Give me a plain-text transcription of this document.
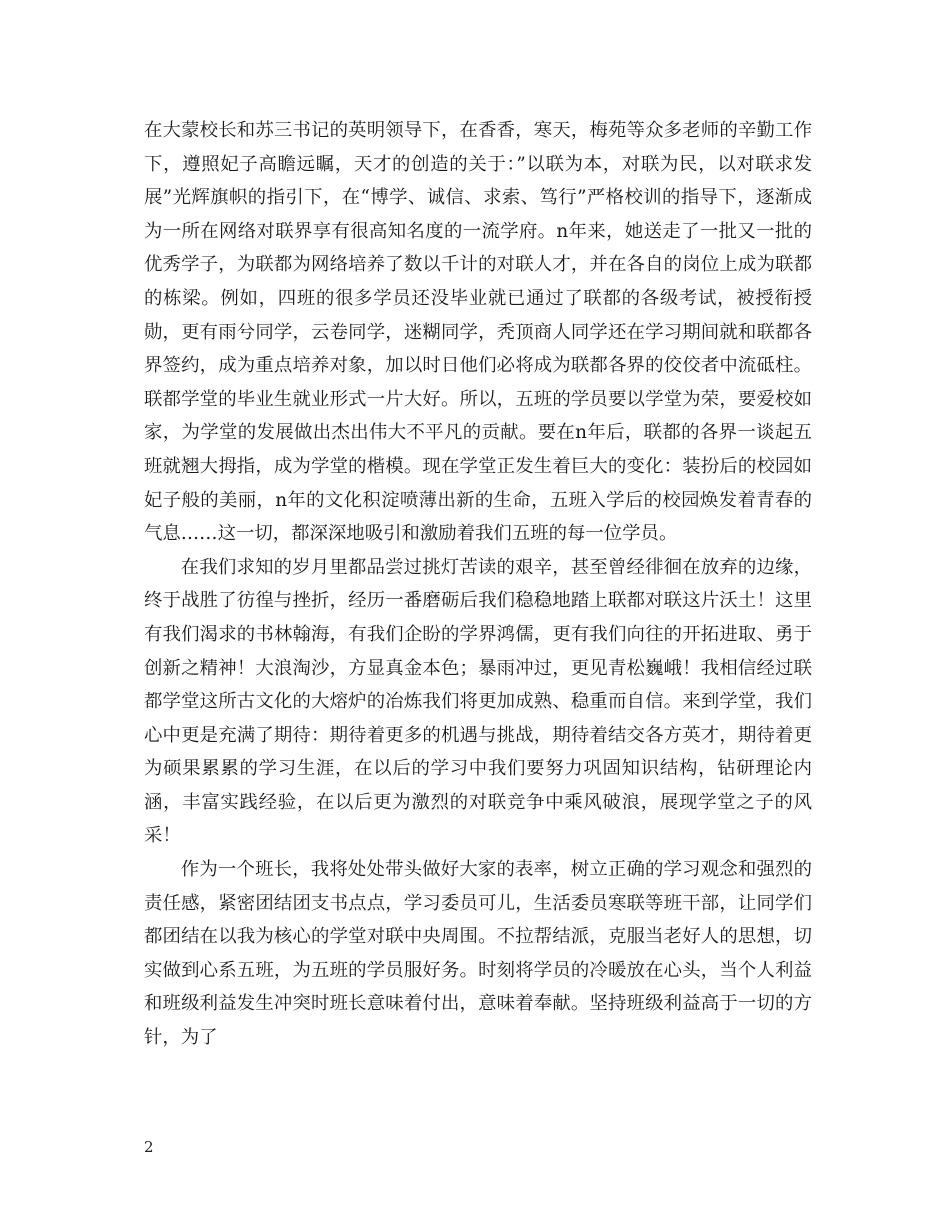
在大蒙校长和苏三书记的英明领导下，在香香，寒天，梅苑等众多老师的辛勤工作下，遵照妃子高瞻远瞩，天才的创造的关于：”以联为本，对联为民，以对联求发展”光辉旗帜的指引下，在“博学、诚信、求索、笃行”严格校训的指导下，逐渐成为一所在网络对联界享有很高知名度的一流学府。n年来，她送走了一批又一批的优秀学子，为联都为网络培养了数以千计的对联人才，并在各自的岗位上成为联都的栋梁。例如，四班的很多学员还没毕业就已通过了联都的各级考试，被授衔授勋，更有雨兮同学，云卷同学，迷糊同学，秃顶商人同学还在学习期间就和联都各界签约，成为重点培养对象，加以时日他们必将成为联都各界的佼佼者中流砥柱。联都学堂的毕业生就业形式一片大好。所以，五班的学员要以学堂为荣，要爱校如家，为学堂的发展做出杰出伟大不平凡的贡献。要在n年后，联都的各界一谈起五班就翘大拇指，成为学堂的楷模。现在学堂正发生着巨大的变化：装扮后的校园如妃子般的美丽，n年的文化积淀喷薄出新的生命，五班入学后的校园焕发着青春的气息……这一切，都深深地吸引和激励着我们五班的每一位学员。

在我们求知的岁月里都品尝过挑灯苦读的艰辛，甚至曾经徘徊在放弃的边缘，终于战胜了彷徨与挫折，经历一番磨砺后我们稳稳地踏上联都对联这片沃土！这里有我们渴求的书林翰海，有我们企盼的学界鸿儒，更有我们向往的开拓进取、勇于创新之精神！大浪淘沙，方显真金本色；暴雨冲过，更见青松巍峨！我相信经过联都学堂这所古文化的大熔炉的冶炼我们将更加成熟、稳重而自信。来到学堂，我们心中更是充满了期待：期待着更多的机遇与挑战，期待着结交各方英才，期待着更为硕果累累的学习生涯，在以后的学习中我们要努力巩固知识结构，钻研理论内涵，丰富实践经验，在以后更为激烈的对联竞争中乘风破浪，展现学堂之子的风采！

作为一个班长，我将处处带头做好大家的表率，树立正确的学习观念和强烈的责任感，紧密团结团支书点点，学习委员可儿，生活委员寒联等班干部，让同学们都团结在以我为核心的学堂对联中央周围。不拉帮结派，克服当老好人的思想，切实做到心系五班，为五班的学员服好务。时刻将学员的冷暖放在心头，当个人利益和班级利益发生冲突时班长意味着付出，意味着奉献。坚持班级利益高于一切的方针，为了

2
